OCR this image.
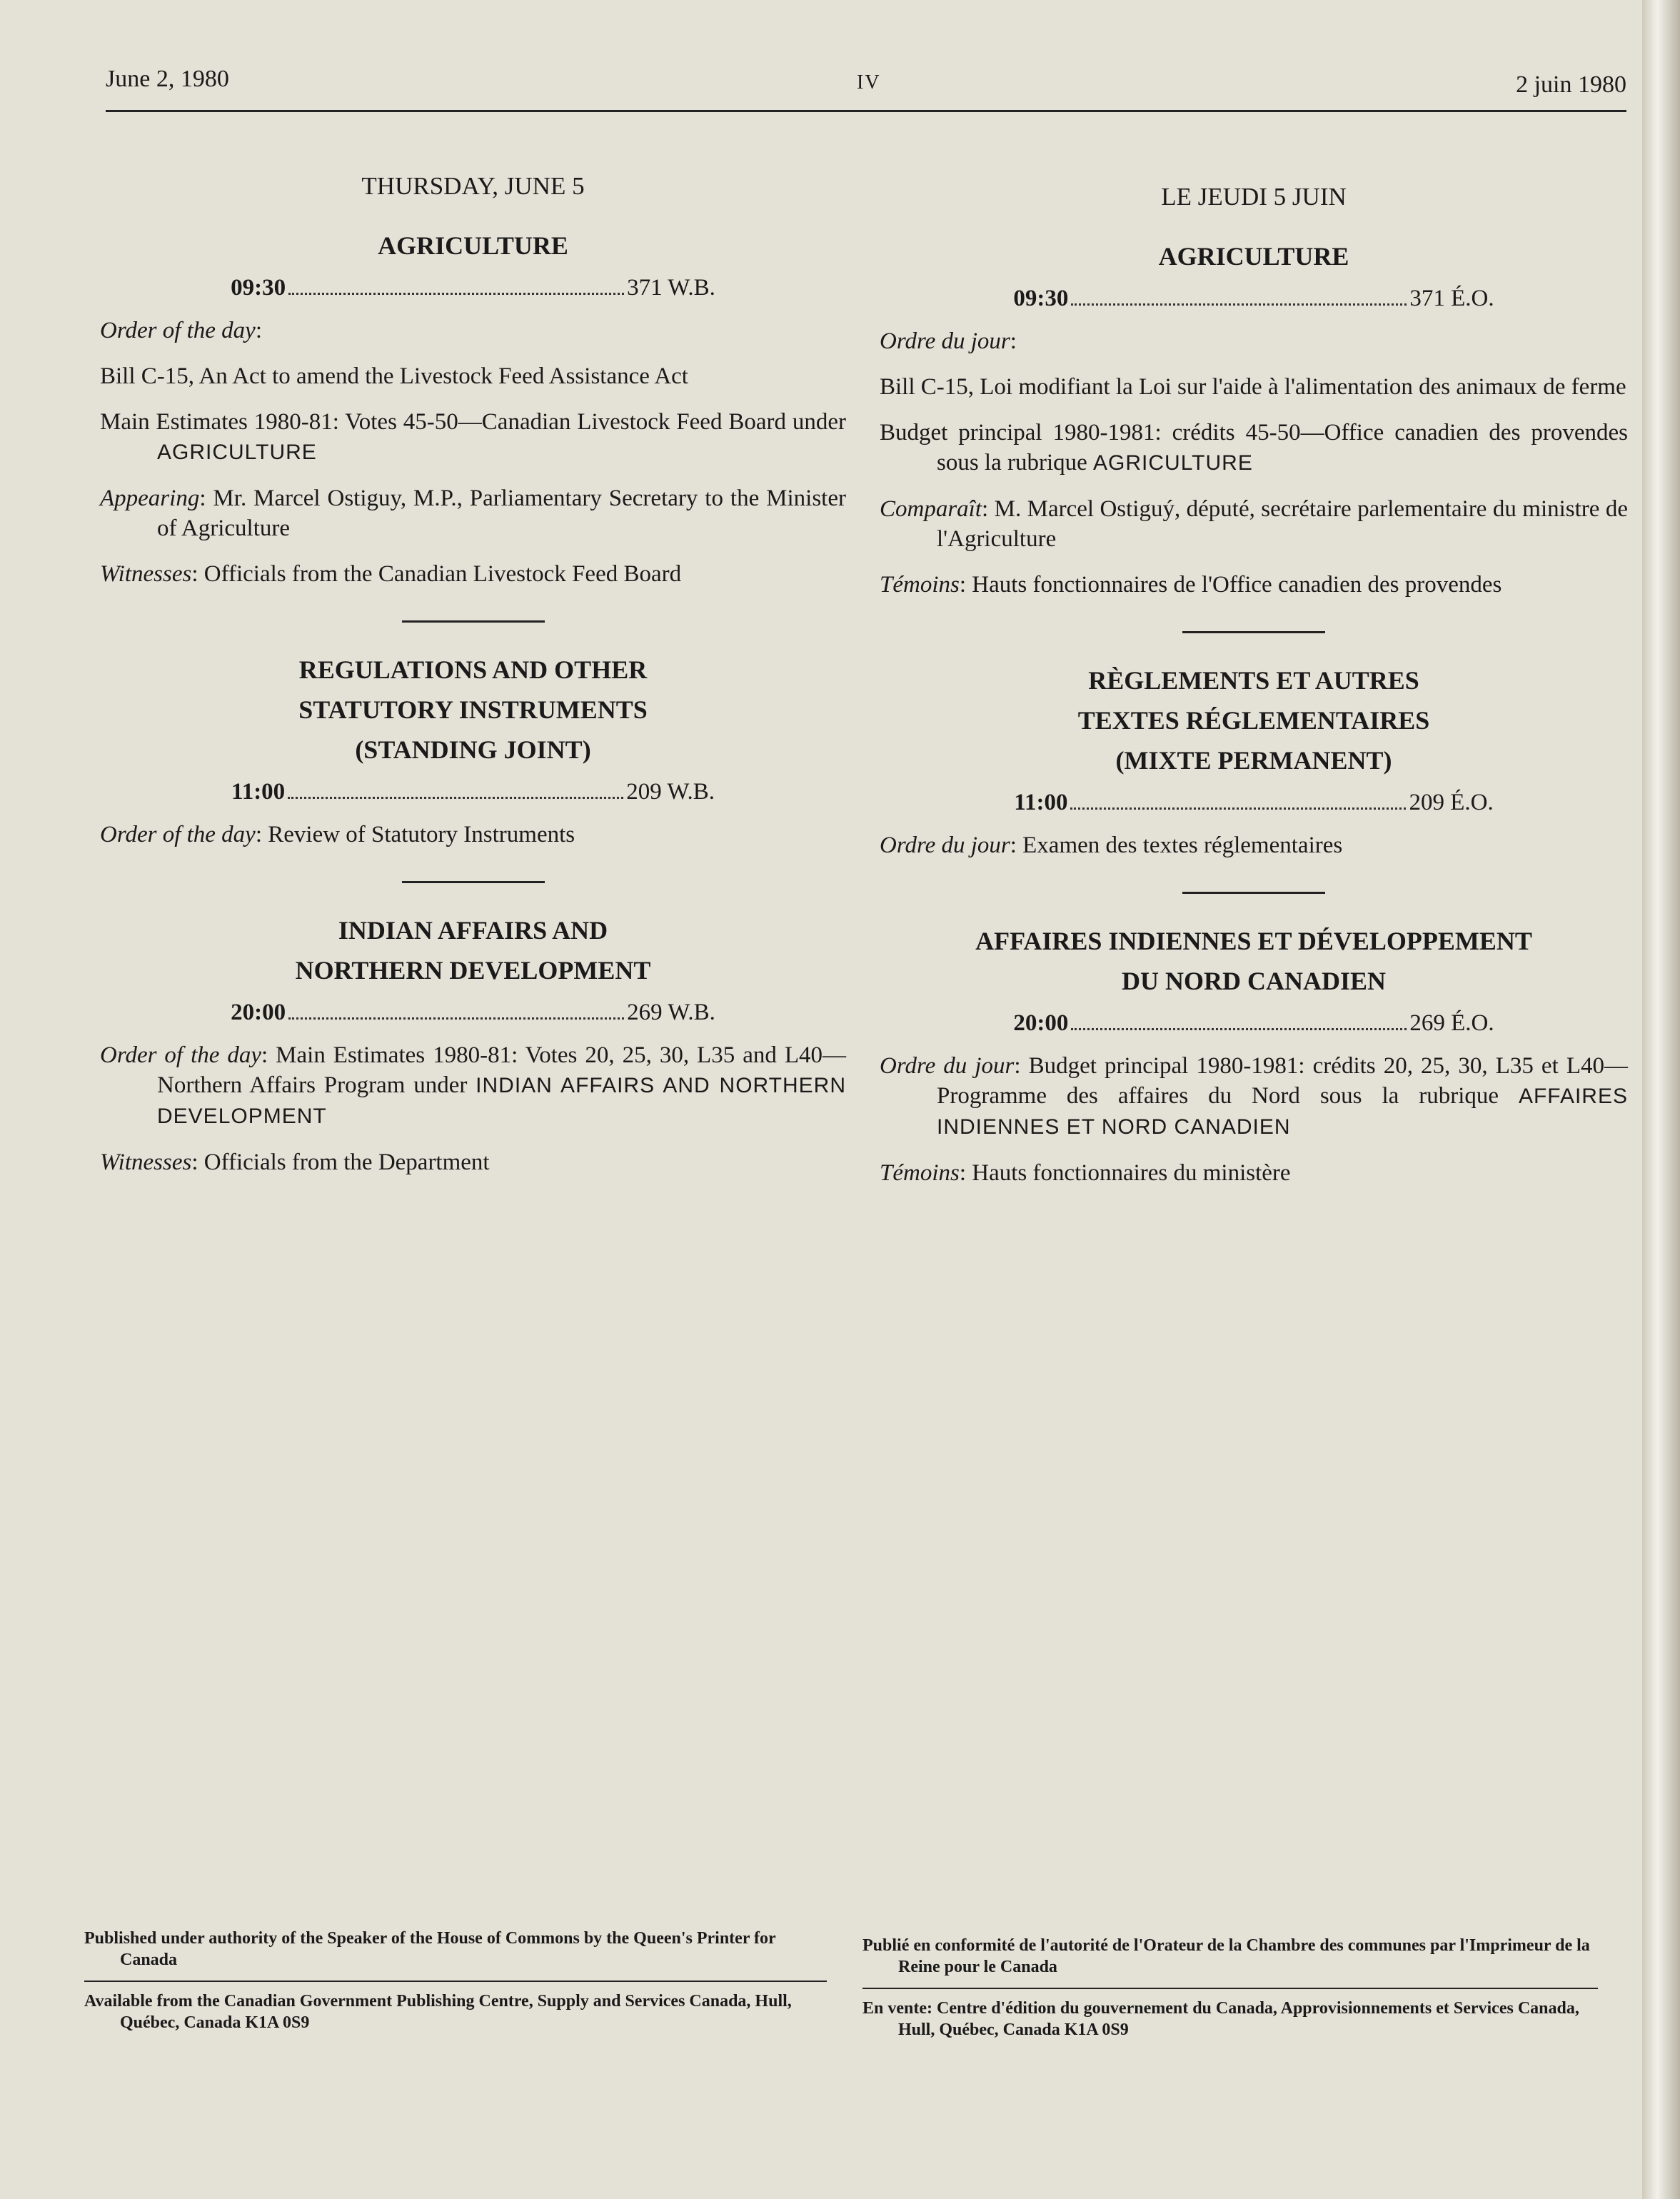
June 2, 1980	IV	2 juin 1980
THURSDAY, JUNE 5
AGRICULTURE
09:30	371 W.B.
Order of the day:
Bill C-15, An Act to amend the Livestock Feed Assistance Act
Main Estimates 1980-81: Votes 45-50—Canadian Livestock Feed Board under AGRICULTURE
Appearing: Mr. Marcel Ostiguy, M.P., Parliamentary Secretary to the Minister of Agriculture
Witnesses: Officials from the Canadian Livestock Feed Board
REGULATIONS AND OTHER
STATUTORY INSTRUMENTS
(STANDING JOINT)
11:00	209 W.B.
Order of the day: Review of Statutory Instruments
INDIAN AFFAIRS AND
NORTHERN DEVELOPMENT
20:00	269 W.B.
Order of the day: Main Estimates 1980-81: Votes 20, 25, 30, L35 and L40—Northern Affairs Program under INDIAN AFFAIRS AND NORTHERN DEVELOPMENT
Witnesses: Officials from the Department
LE JEUDI 5 JUIN
AGRICULTURE
09:30	371 É.O.
Ordre du jour:
Bill C-15, Loi modifiant la Loi sur l'aide à l'alimentation des animaux de ferme
Budget principal 1980-1981: crédits 45-50—Office canadien des provendes sous la rubrique AGRICULTURE
Comparaît: M. Marcel Ostiguý, député, secrétaire parlementaire du ministre de l'Agriculture
Témoins: Hauts fonctionnaires de l'Office canadien des provendes
RÈGLEMENTS ET AUTRES
TEXTES RÉGLEMENTAIRES
(MIXTE PERMANENT)
11:00	209 É.O.
Ordre du jour: Examen des textes réglementaires
AFFAIRES INDIENNES ET DÉVELOPPEMENT
DU NORD CANADIEN
20:00	269 É.O.
Ordre du jour: Budget principal 1980-1981: crédits 20, 25, 30, L35 et L40—Programme des affaires du Nord sous la rubrique AFFAIRES INDIENNES ET NORD CANADIEN
Témoins: Hauts fonctionnaires du ministère

Published under authority of the Speaker of the House of Commons by the Queen's Printer for Canada

Available from the Canadian Government Publishing Centre, Supply and Services Canada, Hull, Québec, Canada K1A 0S9

Publié en conformité de l'autorité de l'Orateur de la Chambre des communes par l'Imprimeur de la Reine pour le Canada

En vente: Centre d'édition du gouvernement du Canada, Approvisionnements et Services Canada, Hull, Québec, Canada K1A 0S9
